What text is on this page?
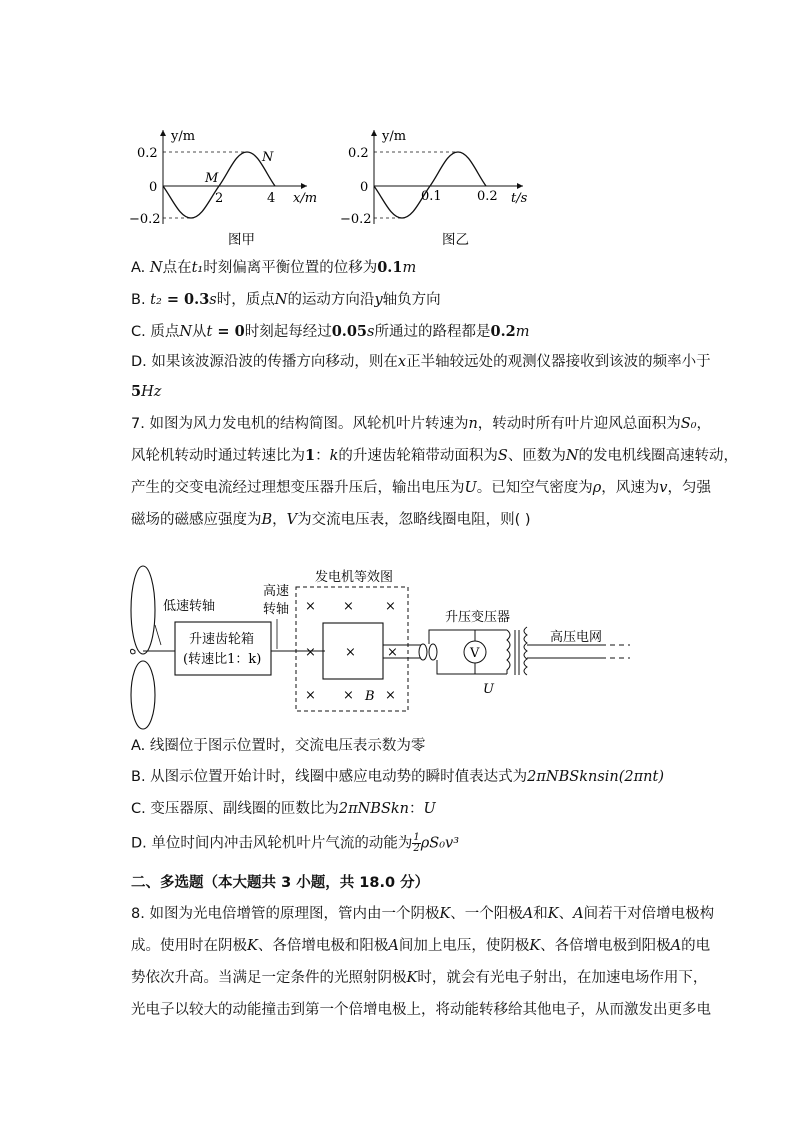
y/m
0.2
0
−0.2
2	4 x/m
M
N
图甲
y/m
0.2
0
−0.2
0.1	0.2 t/s
图乙
A. N点在t₁时刻偏离平衡位置的位移为0.1m
B. t₂ = 0.3s时，质点N的运动方向沿y轴负方向
C. 质点N从t = 0时刻起每经过0.05s所通过的路程都是0.2m
D. 如果该波源沿波的传播方向移动，则在x正半轴较远处的观测仪器接收到该波的频率小于
5Hz
7. 如图为风力发电机的结构简图。风轮机叶片转速为n，转动时所有叶片迎风总面积为S₀，
风轮机转动时通过转速比为1：k的升速齿轮箱带动面积为S、匝数为N的发电机线圈高速转动，
产生的交变电流经过理想变压器升压后，输出电压为U。已知空气密度为ρ，风速为v，匀强
磁场的磁感应强度为B，V为交流电压表，忽略线圈电阻，则( )
低速转轴
升速齿轮箱
(转速比1：k)
高速
转轴
发电机等效图
× × ×
× × ×
× × ×
B
V
U
升压变压器
高压电网
A. 线圈位于图示位置时，交流电压表示数为零
B. 从图示位置开始计时，线圈中感应电动势的瞬时值表达式为2πNBSknsin(2πnt)
C. 变压器原、副线圈的匝数比为2πNBSkn：U
D. 单位时间内冲击风轮机叶片气流的动能为 $\frac{1}{2} \rho S_0v^3$
二、多选题（本大题共 3 小题，共 18.0 分）
8. 如图为光电倍增管的原理图，管内由一个阴极K、一个阳极A和K、A间若干对倍增电极构
成。使用时在阴极K、各倍增电极和阳极A间加上电压，使阴极K、各倍增电极到阳极A的电
势依次升高。当满足一定条件的光照射阴极K时，就会有光电子射出，在加速电场作用下，
光电子以较大的动能撞击到第一个倍增电极上，将动能转移给其他电子，从而激发出更多电
